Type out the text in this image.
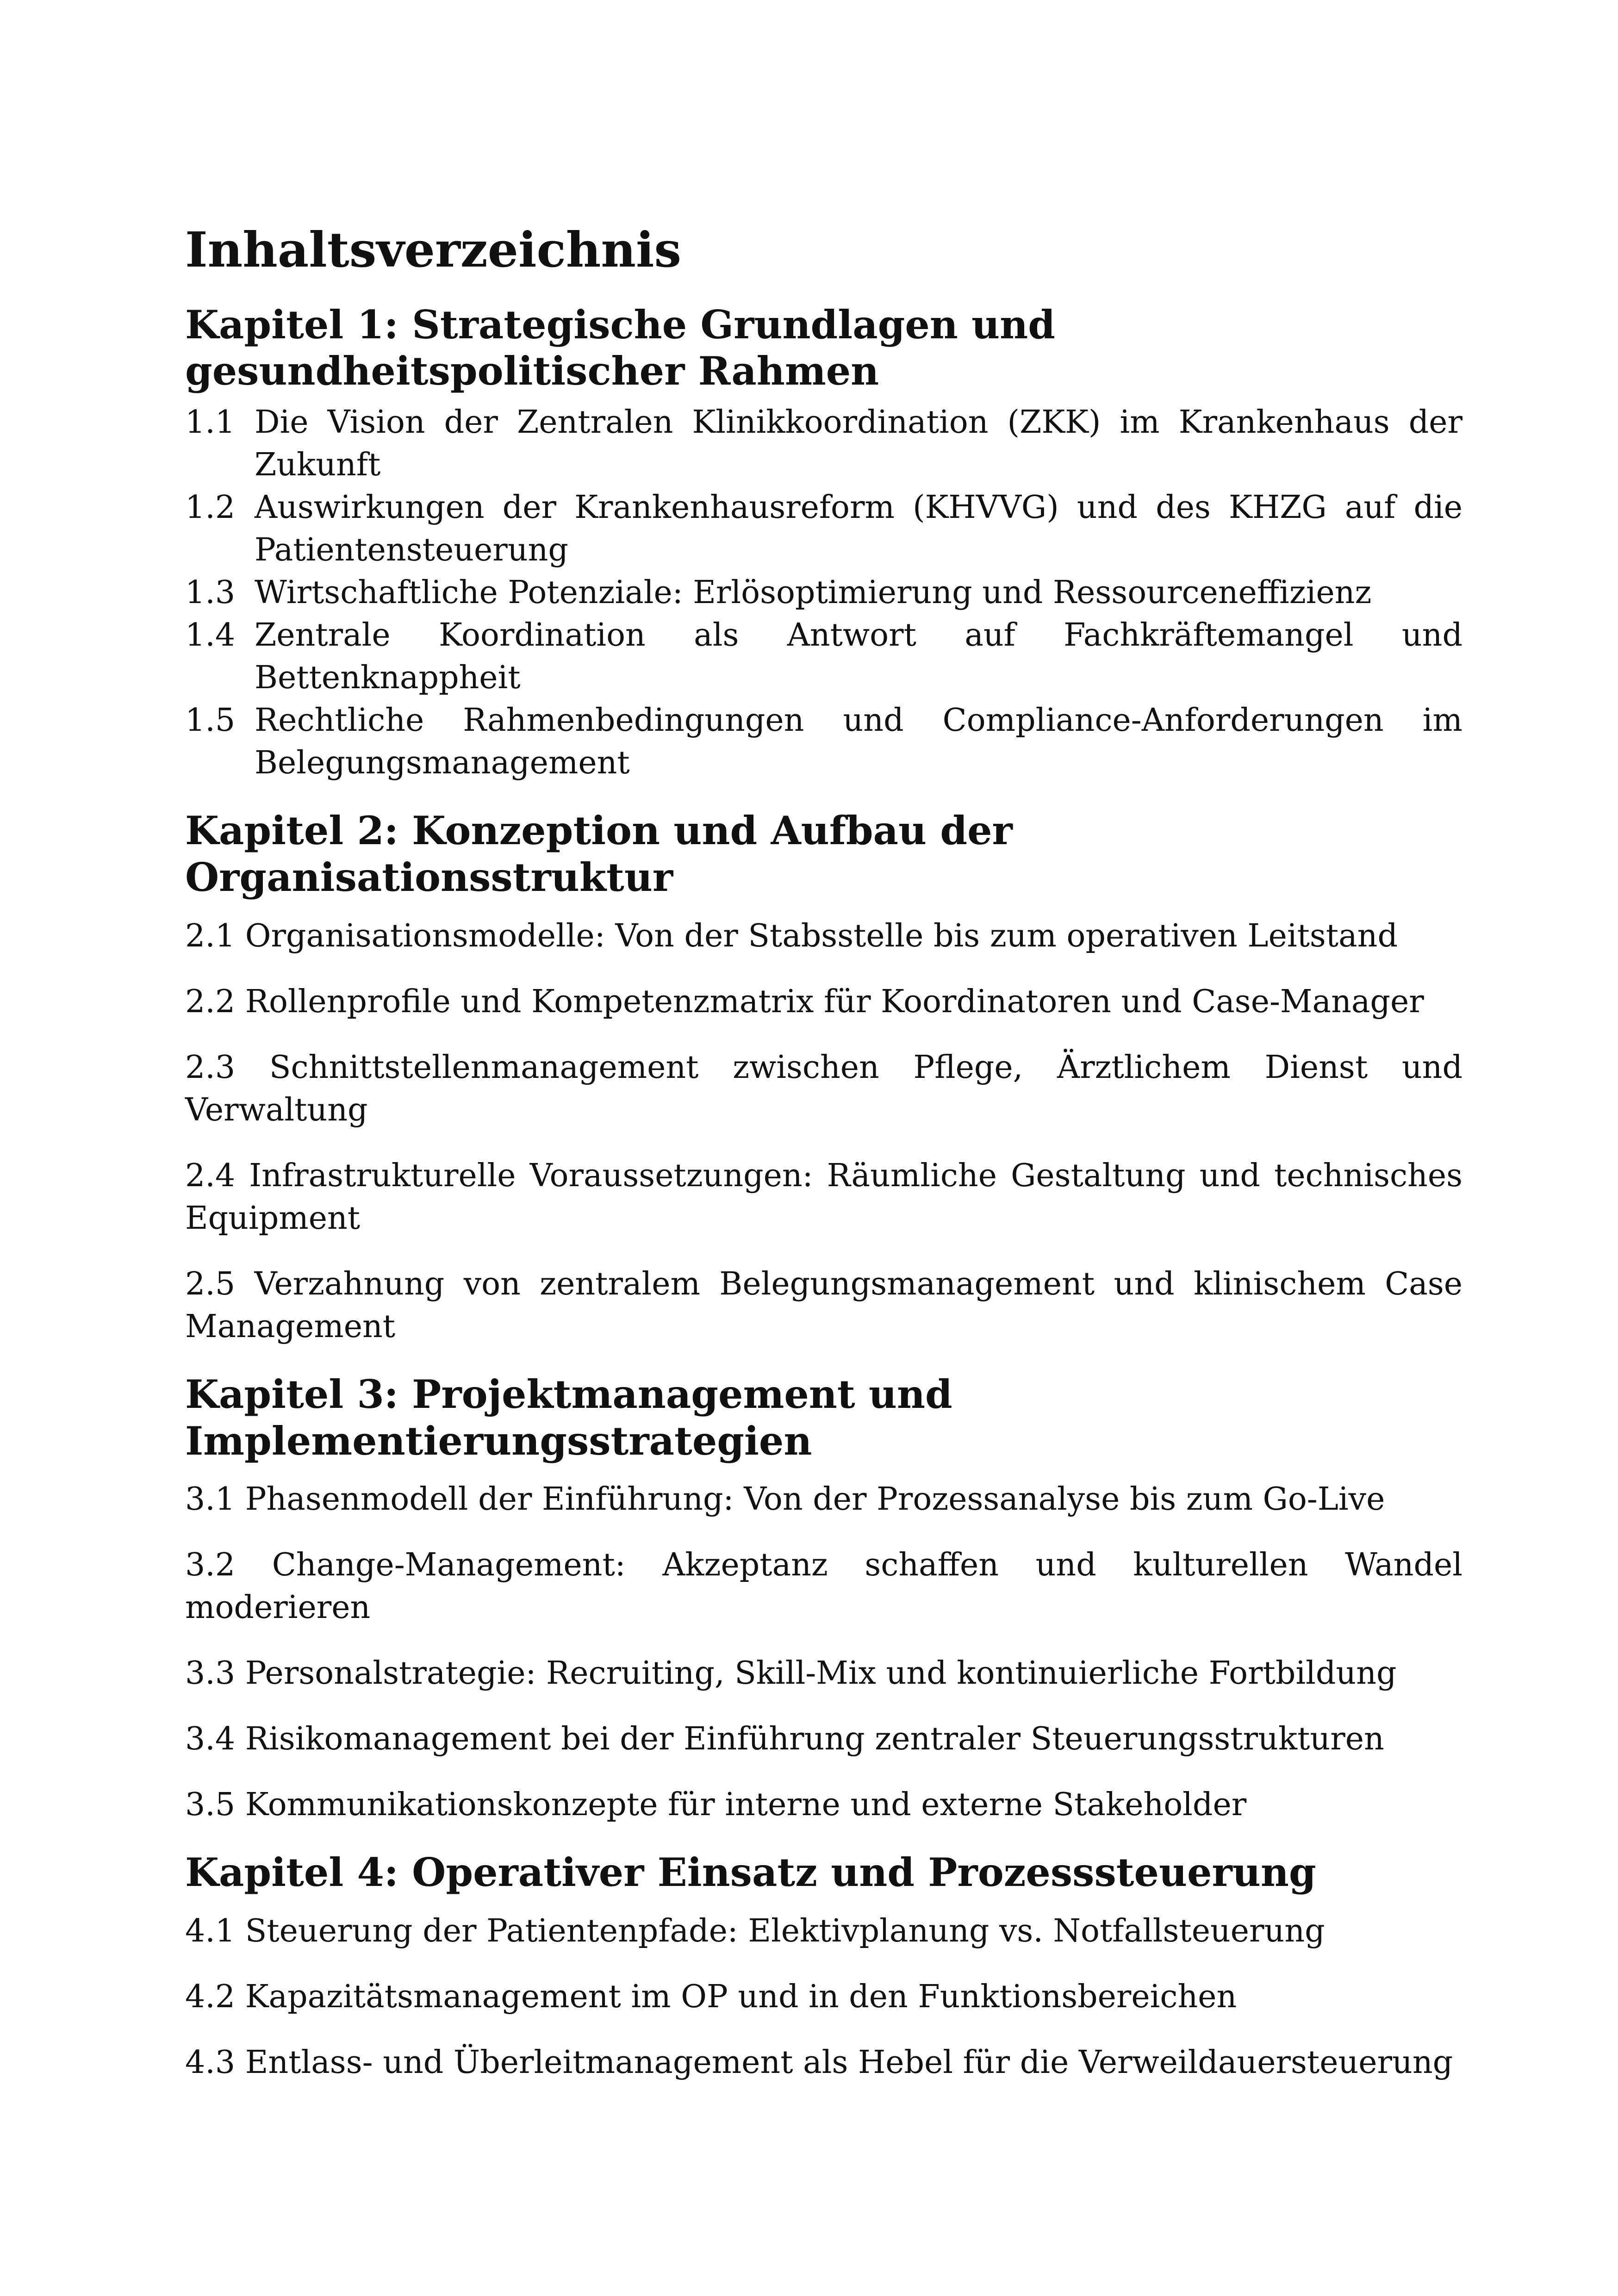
Inhaltsverzeichnis
Kapitel 1: Strategische Grundlagen und gesundheitspolitischer Rahmen
1.1 Die Vision der Zentralen Klinikkoordination (ZKK) im Krankenhaus der Zukunft
1.2 Auswirkungen der Krankenhausreform (KHVVG) und des KHZG auf die Patientensteuerung
1.3 Wirtschaftliche Potenziale: Erlösoptimierung und Ressourceneffizienz
1.4 Zentrale Koordination als Antwort auf Fachkräftemangel und Bettenknappheit
1.5 Rechtliche Rahmenbedingungen und Compliance-Anforderungen im Belegungsmanagement
Kapitel 2: Konzeption und Aufbau der Organisationsstruktur
2.1 Organisationsmodelle: Von der Stabsstelle bis zum operativen Leitstand
2.2 Rollenprofile und Kompetenzmatrix für Koordinatoren und Case-Manager
2.3 Schnittstellenmanagement zwischen Pflege, Ärztlichem Dienst und Verwaltung
2.4 Infrastrukturelle Voraussetzungen: Räumliche Gestaltung und technisches Equipment
2.5 Verzahnung von zentralem Belegungsmanagement und klinischem Case Management
Kapitel 3: Projektmanagement und Implementierungsstrategien
3.1 Phasenmodell der Einführung: Von der Prozessanalyse bis zum Go-Live
3.2 Change-Management: Akzeptanz schaffen und kulturellen Wandel moderieren
3.3 Personalstrategie: Recruiting, Skill-Mix und kontinuierliche Fortbildung
3.4 Risikomanagement bei der Einführung zentraler Steuerungsstrukturen
3.5 Kommunikationskonzepte für interne und externe Stakeholder
Kapitel 4: Operativer Einsatz und Prozesssteuerung
4.1 Steuerung der Patientenpfade: Elektivplanung vs. Notfallsteuerung
4.2 Kapazitätsmanagement im OP und in den Funktionsbereichen
4.3 Entlass- und Überleitmanagement als Hebel für die Verweildauersteuerung
